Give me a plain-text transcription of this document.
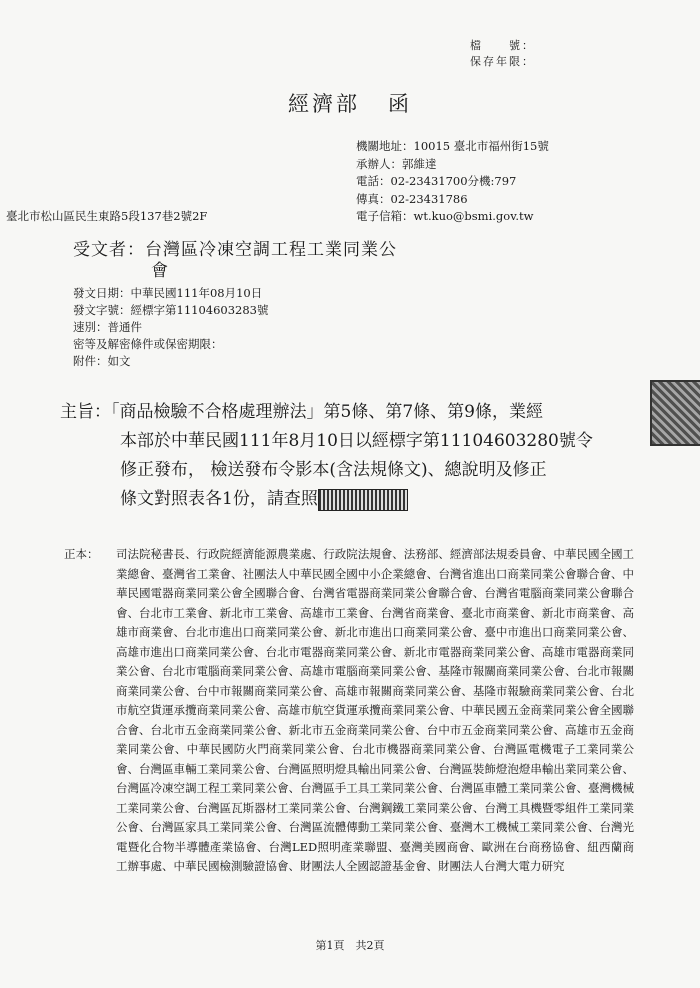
檔　　號：
保存年限：
經濟部 函
機關地址：10015 臺北市福州街15號
承辦人：郭維達
電話：02-23431700分機:797
傳真：02-23431786
電子信箱：wt.kuo@bsmi.gov.tw
臺北市松山區民生東路5段137巷2號2F
受文者：台灣區冷凍空調工程工業同業公
會
發文日期：中華民國111年08月10日
發文字號：經標字第11104603283號
速別：普通件
密等及解密條件或保密期限：
附件：如文
主旨：「商品檢驗不合格處理辦法」第5條、第7條、第9條，業經
本部於中華民國111年8月10日以經標字第11104603280號令
修正發布， 檢送發布令影本(含法規條文)、總說明及修正
條文對照表各1份，請查照
正本： 司法院秘書長、行政院經濟能源農業處、行政院法規會、法務部、經濟部法規委員會、中華民國全國工業總會、臺灣省工業會、社團法人中華民國全國中小企業總會、台灣省進出口商業同業公會聯合會、中華民國電器商業同業公會全國聯合會、台灣省電器商業同業公會聯合會、台灣省電腦商業同業公會聯合會、台北市工業會、新北市工業會、高雄市工業會、台灣省商業會、臺北市商業會、新北市商業會、高雄市商業會、台北市進出口商業同業公會、新北市進出口商業同業公會、臺中市進出口商業同業公會、高雄市進出口商業同業公會、台北市電器商業同業公會、新北市電器商業同業公會、高雄市電器商業同業公會、台北市電腦商業同業公會、高雄市電腦商業同業公會、基隆市報關商業同業公會、台北市報關商業同業公會、台中市報關商業同業公會、高雄市報關商業同業公會、基隆市報驗商業同業公會、台北市航空貨運承攬商業同業公會、高雄市航空貨運承攬商業同業公會、中華民國五金商業同業公會全國聯合會、台北市五金商業同業公會、新北市五金商業同業公會、台中市五金商業同業公會、高雄市五金商業同業公會、中華民國防火門商業同業公會、台北市機器商業同業公會、台灣區電機電子工業同業公會、台灣區車輛工業同業公會、台灣區照明燈具輸出同業公會、台灣區裝飾燈泡燈串輸出業同業公會、台灣區冷凍空調工程工業同業公會、台灣區手工具工業同業公會、台灣區車體工業同業公會、臺灣機械工業同業公會、台灣區瓦斯器材工業同業公會、台灣鋼鐵工業同業公會、台灣工具機暨零組件工業同業公會、台灣區家具工業同業公會、台灣區流體傳動工業同業公會、臺灣木工機械工業同業公會、台灣光電暨化合物半導體產業協會、台灣LED照明產業聯盟、臺灣美國商會、歐洲在台商務協會、紐西蘭商工辦事處、中華民國檢測驗證協會、財團法人全國認證基金會、財團法人台灣大電力研究
第1頁　共2頁
